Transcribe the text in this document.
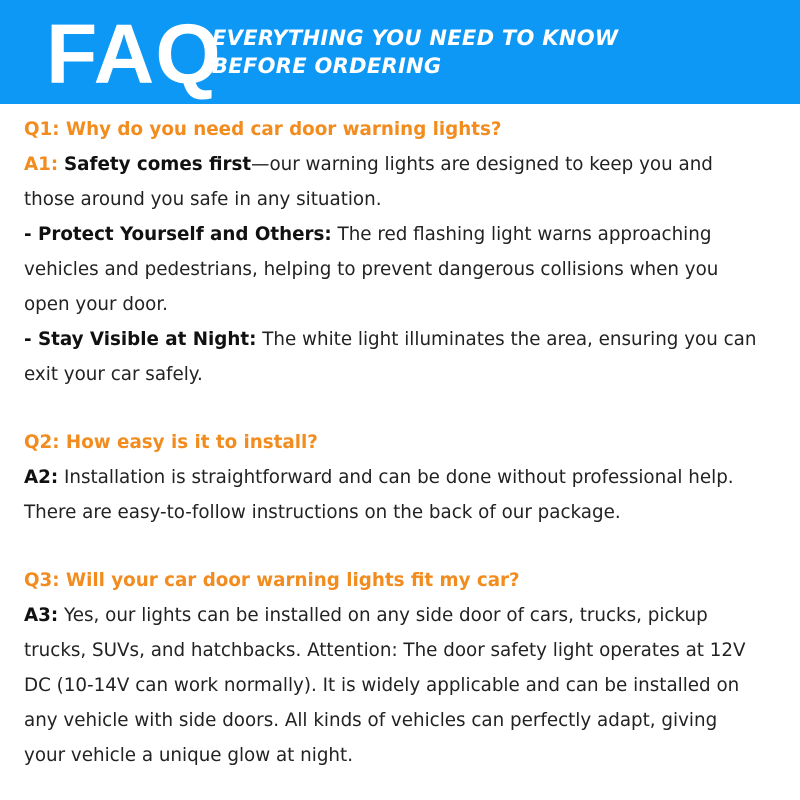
FAQ
EVERYTHING YOU NEED TO KNOW
BEFORE ORDERING
Q1: Why do you need car door warning lights?
A1: Safety comes first—our warning lights are designed to keep you and
those around you safe in any situation.
- Protect Yourself and Others: The red flashing light warns approaching
vehicles and pedestrians, helping to prevent dangerous collisions when you
open your door.
- Stay Visible at Night: The white light illuminates the area, ensuring you can
exit your car safely.
Q2: How easy is it to install?
A2: Installation is straightforward and can be done without professional help.
There are easy-to-follow instructions on the back of our package.
Q3: Will your car door warning lights fit my car?
A3: Yes, our lights can be installed on any side door of cars, trucks, pickup
trucks, SUVs, and hatchbacks. Attention: The door safety light operates at 12V
DC (10-14V can work normally). It is widely applicable and can be installed on
any vehicle with side doors. All kinds of vehicles can perfectly adapt, giving
your vehicle a unique glow at night.
